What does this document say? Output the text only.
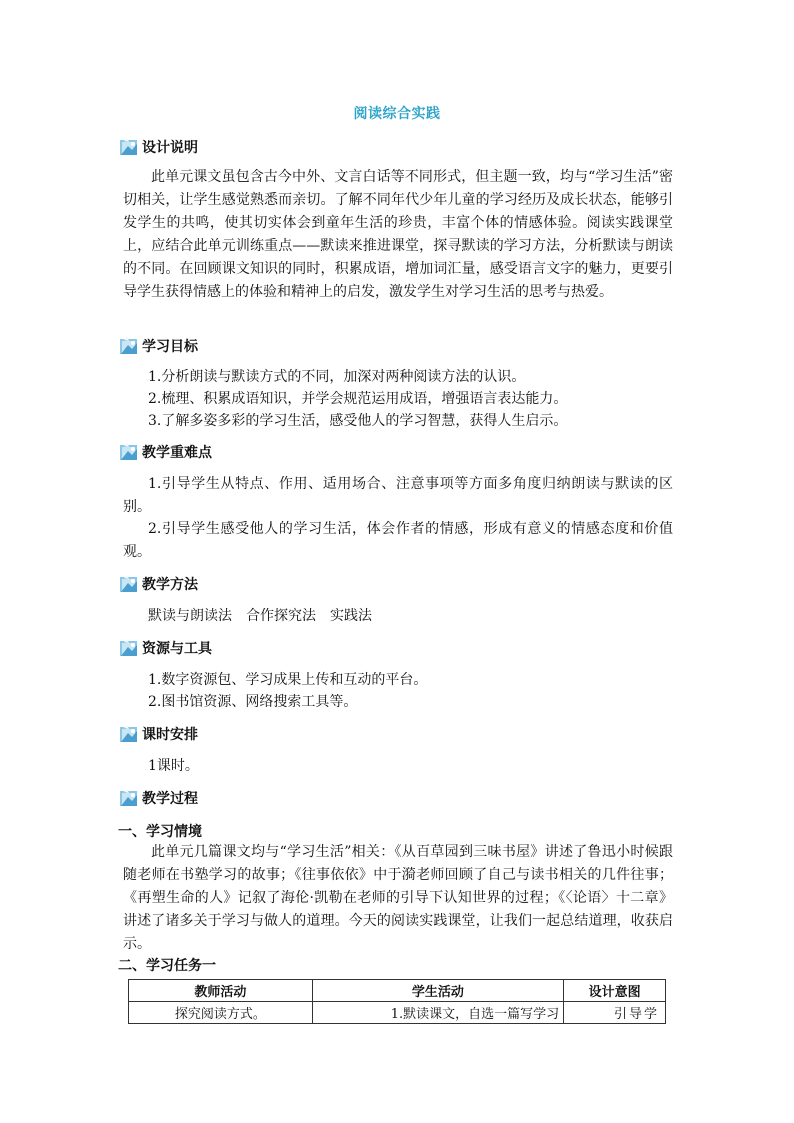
阅读综合实践
设计说明
此单元课文虽包含古今中外、文言白话等不同形式，但主题一致，均与“学习生活”密切相关，让学生感觉熟悉而亲切。了解不同年代少年儿童的学习经历及成长状态，能够引发学生的共鸣，使其切实体会到童年生活的珍贵，丰富个体的情感体验。阅读实践课堂上，应结合此单元训练重点——默读来推进课堂，探寻默读的学习方法，分析默读与朗读的不同。在回顾课文知识的同时，积累成语，增加词汇量，感受语言文字的魅力，更要引导学生获得情感上的体验和精神上的启发，激发学生对学习生活的思考与热爱。
学习目标
1.分析朗读与默读方式的不同，加深对两种阅读方法的认识。
2.梳理、积累成语知识，并学会规范运用成语，增强语言表达能力。
3.了解多姿多彩的学习生活，感受他人的学习智慧，获得人生启示。
教学重难点
1.引导学生从特点、作用、适用场合、注意事项等方面多角度归纳朗读与默读的区别。
2.引导学生感受他人的学习生活，体会作者的情感，形成有意义的情感态度和价值观。
教学方法
默读与朗读法　合作探究法　实践法
资源与工具
1.数字资源包、学习成果上传和互动的平台。
2.图书馆资源、网络搜索工具等。
课时安排
1课时。
教学过程
一、学习情境
此单元几篇课文均与“学习生活”相关：《从百草园到三味书屋》讲述了鲁迅小时候跟随老师在书塾学习的故事；《往事依依》中于漪老师回顾了自己与读书相关的几件往事；《再塑生命的人》记叙了海伦·凯勒在老师的引导下认知世界的过程；《〈论语〉十二章》讲述了诸多关于学习与做人的道理。今天的阅读实践课堂，让我们一起总结道理，收获启示。
二、学习任务一
教师活动	学生活动	设计意图
探究阅读方式。	1.默读课文，自选一篇写学习	引导学
